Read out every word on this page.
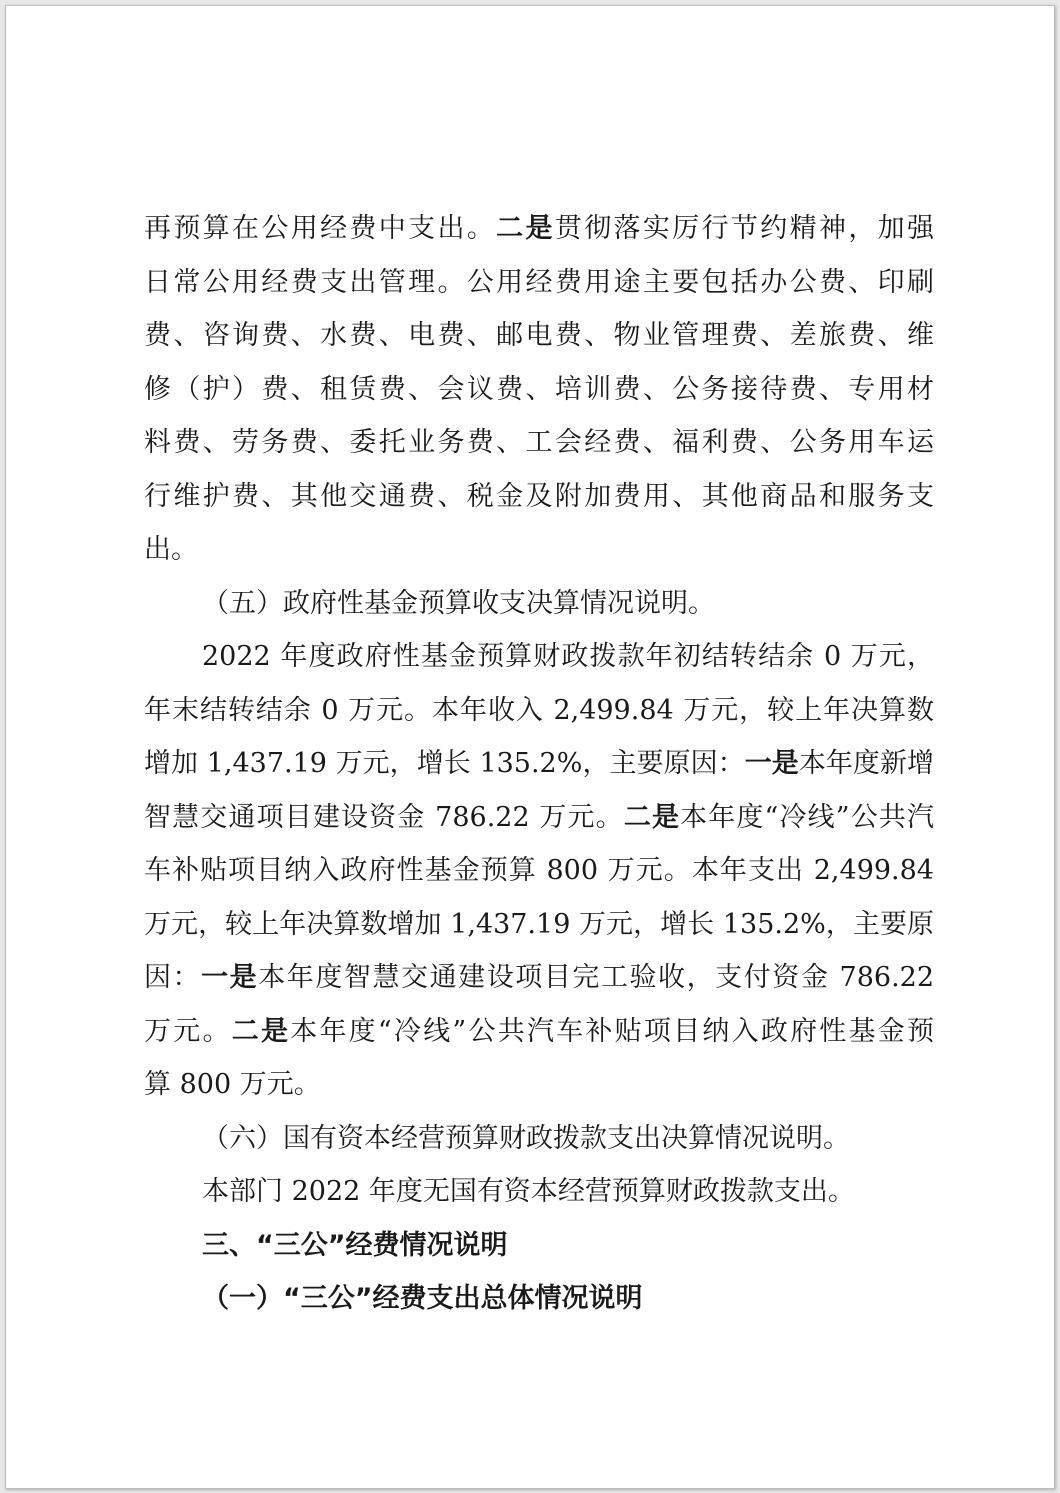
再预算在公用经费中支出。二是贯彻落实厉行节约精神，加强
日常公用经费支出管理。公用经费用途主要包括办公费、印刷
费、咨询费、水费、电费、邮电费、物业管理费、差旅费、维
修（护）费、租赁费、会议费、培训费、公务接待费、专用材
料费、劳务费、委托业务费、工会经费、福利费、公务用车运
行维护费、其他交通费、税金及附加费用、其他商品和服务支
出。
（五）政府性基金预算收支决算情况说明。
2022 年度政府性基金预算财政拨款年初结转结余 0 万元，
年末结转结余 0 万元。本年收入 2,499.84 万元，较上年决算数
增加 1,437.19 万元，增长 135.2%，主要原因：一是本年度新增
智慧交通项目建设资金 786.22 万元。二是本年度“冷线”公共汽
车补贴项目纳入政府性基金预算 800 万元。本年支出 2,499.84
万元，较上年决算数增加 1,437.19 万元，增长 135.2%，主要原
因：一是本年度智慧交通建设项目完工验收，支付资金 786.22
万元。二是本年度“冷线”公共汽车补贴项目纳入政府性基金预
算 800 万元。
（六）国有资本经营预算财政拨款支出决算情况说明。
本部门 2022 年度无国有资本经营预算财政拨款支出。
三、“三公”经费情况说明
（一）“三公”经费支出总体情况说明
